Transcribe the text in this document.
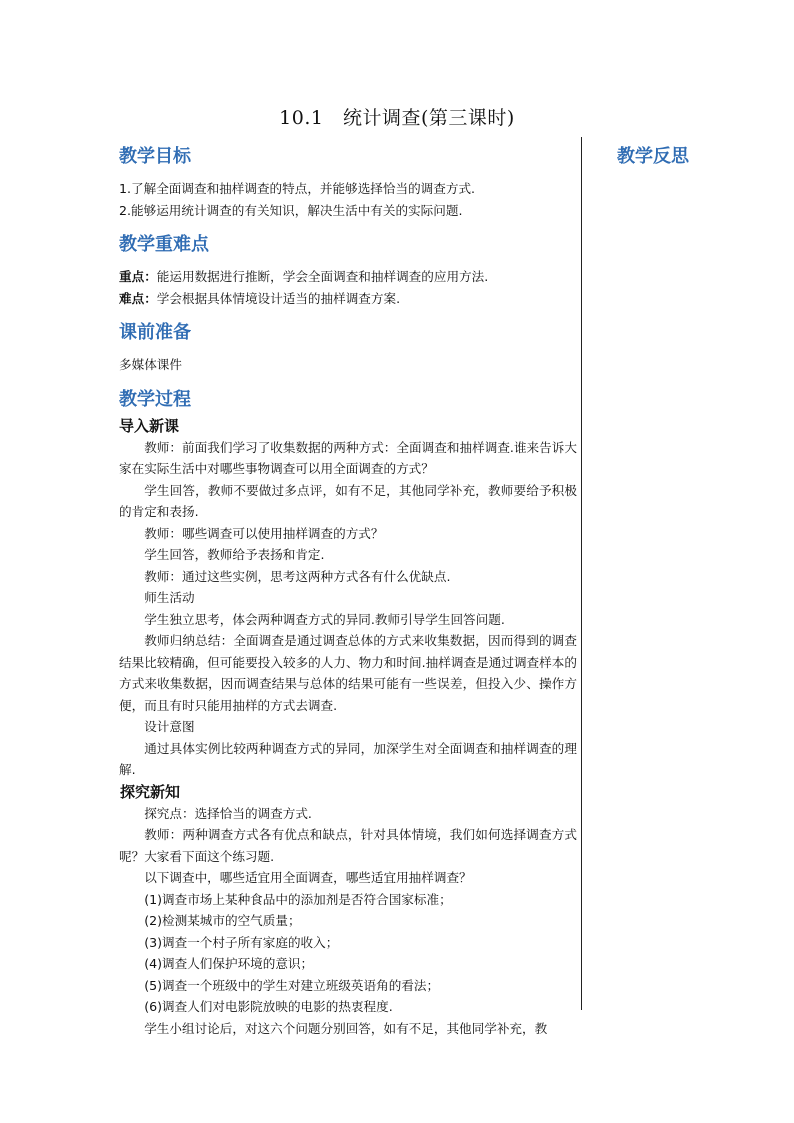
10.1　统计调查(第三课时)
教学反思
教学目标

1.了解全面调查和抽样调查的特点，并能够选择恰当的调查方式.

2.能够运用统计调查的有关知识，解决生活中有关的实际问题.

教学重难点

重点：能运用数据进行推断，学会全面调查和抽样调查的应用方法.

难点：学会根据具体情境设计适当的抽样调查方案.

课前准备

多媒体课件

教学过程
导入新课

教师：前面我们学习了收集数据的两种方式：全面调查和抽样调查.谁来告诉大家在实际生活中对哪些事物调查可以用全面调查的方式？

学生回答，教师不要做过多点评，如有不足，其他同学补充，教师要给予积极的肯定和表扬.

教师：哪些调查可以使用抽样调查的方式？

学生回答，教师给予表扬和肯定.

教师：通过这些实例，思考这两种方式各有什么优缺点.

师生活动

学生独立思考，体会两种调查方式的异同.教师引导学生回答问题.

教师归纳总结：全面调查是通过调查总体的方式来收集数据，因而得到的调查结果比较精确，但可能要投入较多的人力、物力和时间.抽样调查是通过调查样本的方式来收集数据，因而调查结果与总体的结果可能有一些误差，但投入少、操作方便，而且有时只能用抽样的方式去调查.

设计意图

通过具体实例比较两种调查方式的异同，加深学生对全面调查和抽样调查的理解.

探究新知

探究点：选择恰当的调查方式.

教师：两种调查方式各有优点和缺点，针对具体情境，我们如何选择调查方式呢？大家看下面这个练习题.

以下调查中，哪些适宜用全面调查，哪些适宜用抽样调查？

(1)调查市场上某种食品中的添加剂是否符合国家标准；

(2)检测某城市的空气质量；

(3)调查一个村子所有家庭的收入；

(4)调查人们保护环境的意识；

(5)调查一个班级中的学生对建立班级英语角的看法；

(6)调查人们对电影院放映的电影的热衷程度.

学生小组讨论后，对这六个问题分别回答，如有不足，其他同学补充，教
